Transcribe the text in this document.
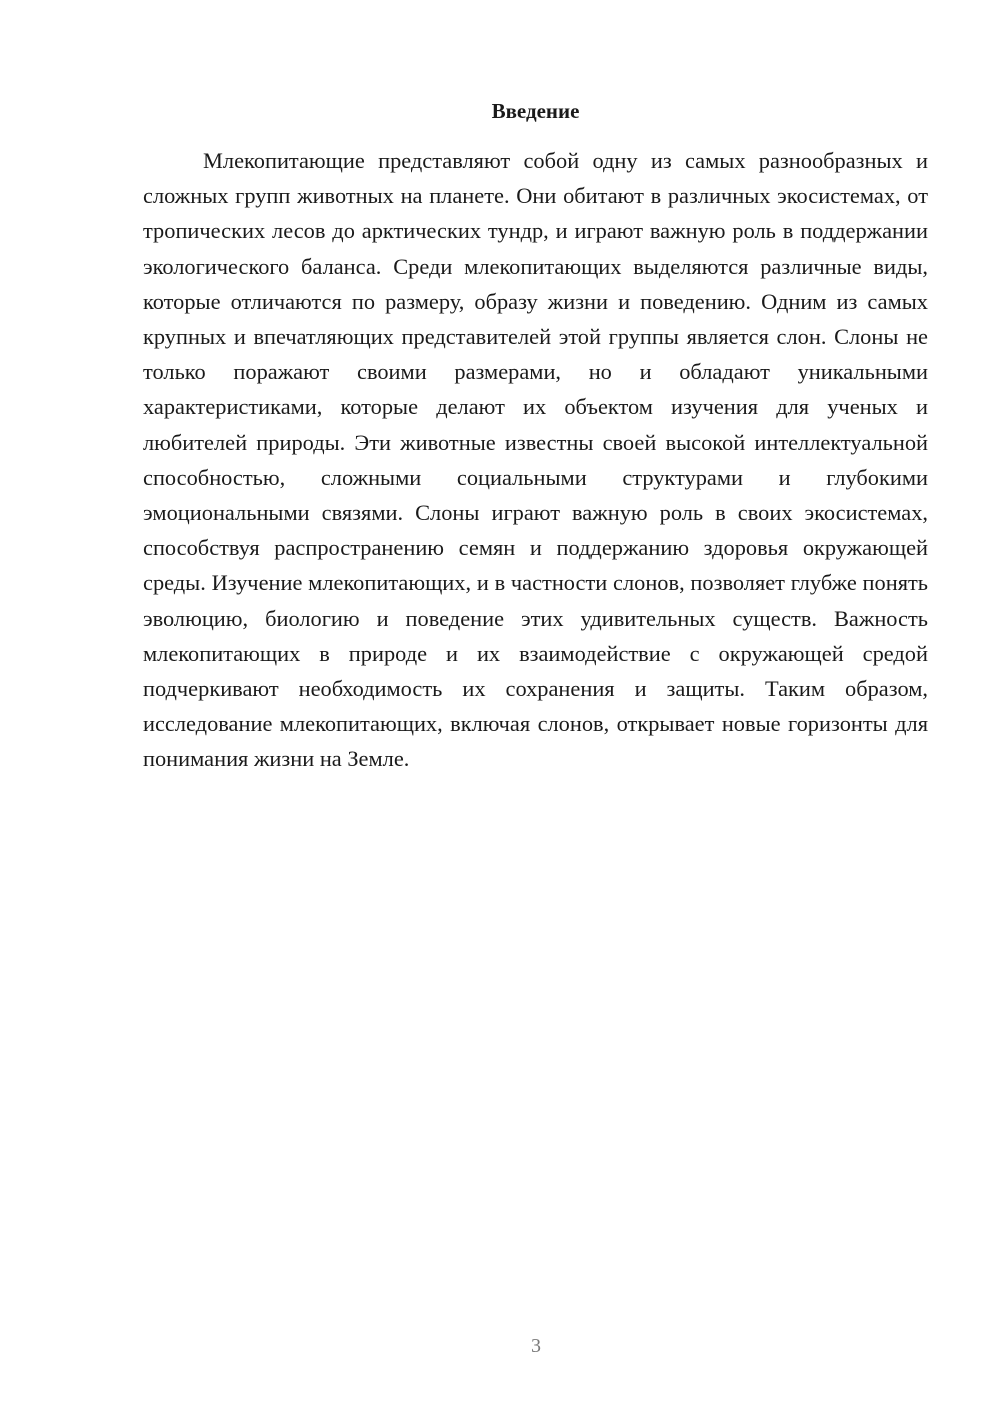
Введение

Млекопитающие представляют собой одну из самых разнообразных и сложных групп животных на планете. Они обитают в различных экосистемах, от тропических лесов до арктических тундр, и играют важную роль в поддержании экологического баланса. Среди млекопитающих выделяются различные виды, которые отличаются по размеру, образу жизни и поведению. Одним из самых крупных и впечатляющих представителей этой группы является слон. Слоны не только поражают своими размерами, но и обладают уникальными характеристиками, которые делают их объектом изучения для ученых и любителей природы. Эти животные известны своей высокой интеллектуальной способностью, сложными социальными структурами и глубокими эмоциональными связями. Слоны играют важную роль в своих экосистемах, способствуя распространению семян и поддержанию здоровья окружающей среды. Изучение млекопитающих, и в частности слонов, позволяет глубже понять эволюцию, биологию и поведение этих удивительных существ. Важность млекопитающих в природе и их взаимодействие с окружающей средой подчеркивают необходимость их сохранения и защиты. Таким образом, исследование млекопитающих, включая слонов, открывает новые горизонты для понимания жизни на Земле.

3
